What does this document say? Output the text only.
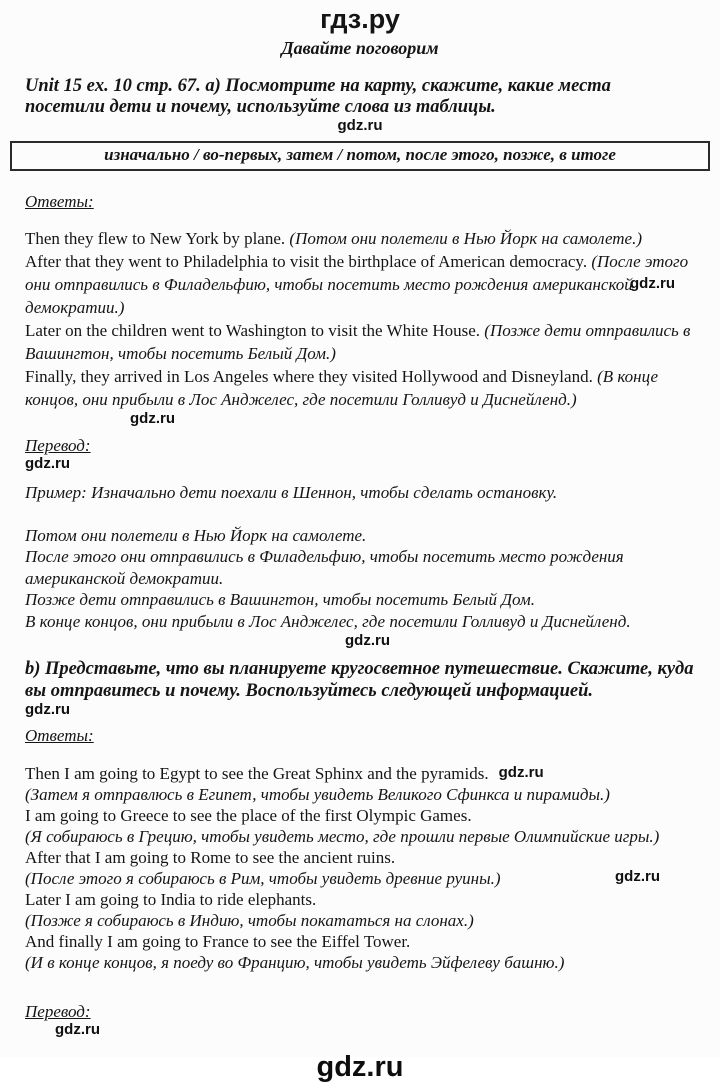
гдз.ру
Давайте поговорим
Unit 15 ex. 10 стр. 67. а) Посмотрите на карту, скажите, какие места посетили дети и почему, используйте слова из таблицы.
gdz.ru
изначально / во-первых, затем / потом, после этого, позже, в итоге
Ответы:
Then they flew to New York by plane. (Потом они полетели в Нью Йорк на самолете.)
After that they went to Philadelphia to visit the birthplace of American democracy. (После этого они отправились в Филадельфию, чтобы посетить место рождения американской демократии.)
gdz.ru
Later on the children went to Washington to visit the White House. (Позже дети отправились в Вашингтон, чтобы посетить Белый Дом.)
Finally, they arrived in Los Angeles where they visited Hollywood and Disneyland. (В конце концов, они прибыли в Лос Анджелес, где посетили Голливуд и Диснейленд.)
gdz.ru
Перевод:
gdz.ru
Пример: Изначально дети поехали в Шеннон, чтобы сделать остановку.
Потом они полетели в Нью Йорк на самолете.
После этого они отправились в Филадельфию, чтобы посетить место рождения американской демократии.
Позже дети отправились в Вашингтон, чтобы посетить Белый Дом.
В конце концов, они прибыли в Лос Анджелес, где посетили Голливуд и Диснейленд.
gdz.ru
b) Представьте, что вы планируете кругосветное путешествие. Скажите, куда вы отправитесь и почему. Воспользуйтесь следующей информацией.
gdz.ru
Ответы:
Then I am going to Egypt to see the Great Sphinx and the pyramids. gdz.ru
(Затем я отправлюсь в Египет, чтобы увидеть Великого Сфинкса и пирамиды.)
I am going to Greece to see the place of the first Olympic Games.
(Я собираюсь в Грецию, чтобы увидеть место, где прошли первые Олимпийские игры.)
After that I am going to Rome to see the ancient ruins.
(После этого я собираюсь в Рим, чтобы увидеть древние руины.)	gdz.ru
Later I am going to India to ride elephants.
(Позже я собираюсь в Индию, чтобы покататься на слонах.)
And finally I am going to France to see the Eiffel Tower.
(И в конце концов, я поеду во Францию, чтобы увидеть Эйфелеву башню.)
Перевод:
gdz.ru
gdz.ru
